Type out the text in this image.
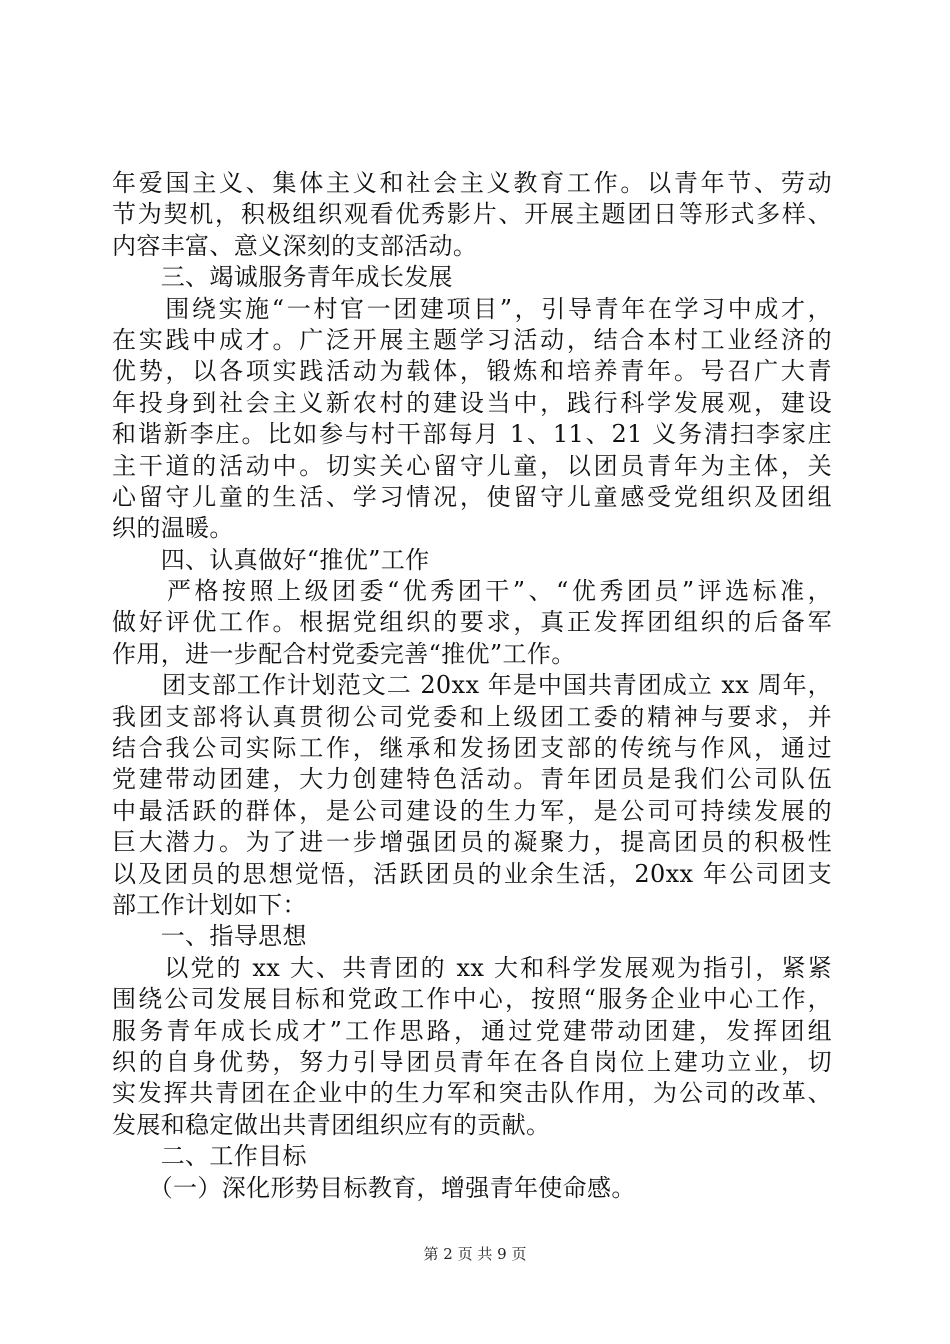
年爱国主义、集体主义和社会主义教育工作。以青年节、劳动
节为契机，积极组织观看优秀影片、开展主题团日等形式多样、
内容丰富、意义深刻的支部活动。
　　三、竭诚服务青年成长发展
　　围绕实施“一村官一团建项目”，引导青年在学习中成才，
在实践中成才。广泛开展主题学习活动，结合本村工业经济的
优势，以各项实践活动为载体，锻炼和培养青年。号召广大青
年投身到社会主义新农村的建设当中，践行科学发展观，建设
和谐新李庄。比如参与村干部每月 1、11、21 义务清扫李家庄
主干道的活动中。切实关心留守儿童，以团员青年为主体，关
心留守儿童的生活、学习情况，使留守儿童感受党组织及团组
织的温暖。
　　四、认真做好“推优”工作
　　严格按照上级团委“优秀团干”、“优秀团员”评选标准，
做好评优工作。根据党组织的要求，真正发挥团组织的后备军
作用，进一步配合村党委完善“推优”工作。
　　团支部工作计划范文二 20xx 年是中国共青团成立 xx 周年，
我团支部将认真贯彻公司党委和上级团工委的精神与要求，并
结合我公司实际工作，继承和发扬团支部的传统与作风，通过
党建带动团建，大力创建特色活动。青年团员是我们公司队伍
中最活跃的群体，是公司建设的生力军，是公司可持续发展的
巨大潜力。为了进一步增强团员的凝聚力，提高团员的积极性
以及团员的思想觉悟，活跃团员的业余生活，20xx 年公司团支
部工作计划如下：
　　一、指导思想
　　以党的 xx 大、共青团的 xx 大和科学发展观为指引，紧紧
围绕公司发展目标和党政工作中心，按照“服务企业中心工作，
服务青年成长成才”工作思路，通过党建带动团建，发挥团组
织的自身优势，努力引导团员青年在各自岗位上建功立业，切
实发挥共青团在企业中的生力军和突击队作用，为公司的改革、
发展和稳定做出共青团组织应有的贡献。
　　二、工作目标
　　（一）深化形势目标教育，增强青年使命感。
第 2 页 共 9 页
